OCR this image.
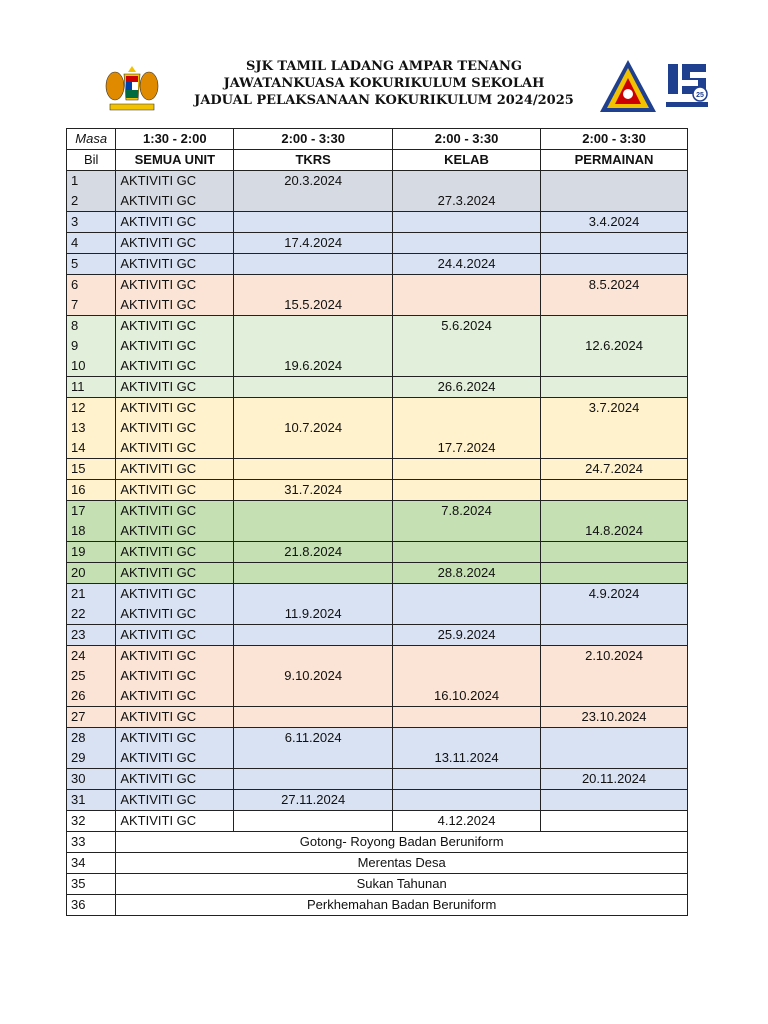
25
SJK TAMIL LADANG AMPAR TENANG
JAWATANKUASA KOKURIKULUM SEKOLAH
JADUAL PELAKSANAAN KOKURIKULUM 2024/2025
Masa	1:30 - 2:00	2:00 - 3:30	2:00 - 3:30	2:00 - 3:30
Bil	SEMUA UNIT	TKRS	KELAB	PERMAINAN
1	AKTIVITI GC	20.3.2024		
2	AKTIVITI GC		27.3.2024	
3	AKTIVITI GC			3.4.2024
4	AKTIVITI GC	17.4.2024		
5	AKTIVITI GC		24.4.2024	
6	AKTIVITI GC			8.5.2024
7	AKTIVITI GC	15.5.2024		
8	AKTIVITI GC		5.6.2024	
9	AKTIVITI GC			12.6.2024
10	AKTIVITI GC	19.6.2024		
11	AKTIVITI GC		26.6.2024	
12	AKTIVITI GC			3.7.2024
13	AKTIVITI GC	10.7.2024		
14	AKTIVITI GC		17.7.2024	
15	AKTIVITI GC			24.7.2024
16	AKTIVITI GC	31.7.2024		
17	AKTIVITI GC		7.8.2024	
18	AKTIVITI GC			14.8.2024
19	AKTIVITI GC	21.8.2024		
20	AKTIVITI GC		28.8.2024	
21	AKTIVITI GC			4.9.2024
22	AKTIVITI GC	11.9.2024		
23	AKTIVITI GC		25.9.2024	
24	AKTIVITI GC			2.10.2024
25	AKTIVITI GC	9.10.2024		
26	AKTIVITI GC		16.10.2024	
27	AKTIVITI GC			23.10.2024
28	AKTIVITI GC	6.11.2024		
29	AKTIVITI GC		13.11.2024	
30	AKTIVITI GC			20.11.2024
31	AKTIVITI GC	27.11.2024		
32	AKTIVITI GC		4.12.2024	
33	Gotong- Royong Badan Beruniform			
34	Merentas Desa			
35	Sukan Tahunan			
36	Perkhemahan Badan Beruniform			
